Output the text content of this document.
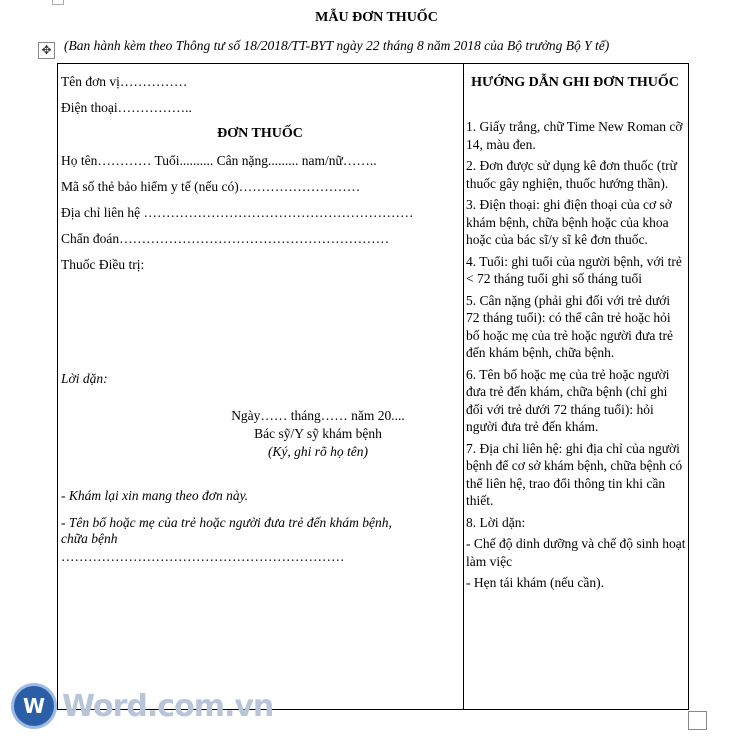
MẪU ĐƠN THUỐC
✥ (Ban hành kèm theo Thông tư số 18/2018/TT-BYT ngày 22 tháng 8 năm 2018 của Bộ trưởng Bộ Y tế)
Tên đơn vị……………
Điện thoại……………..
ĐƠN THUỐC
Họ tên………… Tuổi.......... Cân nặng......... nam/nữ……..
Mã số thẻ bảo hiểm y tế (nếu có)………………………
Địa chỉ liên hệ ……………………………………………………
Chẩn đoán……………………………………………………
Thuốc Điều trị:
Lời dặn:
Ngày…… tháng…… năm 20....
Bác sỹ/Y sỹ khám bệnh
(Ký, ghi rõ họ tên)
- Khám lại xin mang theo đơn này.
- Tên bố hoặc mẹ của trẻ hoặc người đưa trẻ đến khám bệnh,
chữa bệnh
………………………………………………………
HƯỚNG DẪN GHI ĐƠN THUỐC

1. Giấy trắng, chữ Time New Roman cỡ 14, màu đen.

2. Đơn được sử dụng kê đơn thuốc (trừ thuốc gây nghiện, thuốc hướng thần).

3. Điện thoại: ghi điện thoại của cơ sở khám bệnh, chữa bệnh hoặc của khoa hoặc của bác sĩ/y sĩ kê đơn thuốc.

4. Tuổi: ghi tuổi của người bệnh, với trẻ < 72 tháng tuổi ghi số tháng tuổi

5. Cân nặng (phải ghi đối với trẻ dưới 72 tháng tuổi): có thể cân trẻ hoặc hỏi bố hoặc mẹ của trẻ hoặc người đưa trẻ đến khám bệnh, chữa bệnh.

6. Tên bố hoặc mẹ của trẻ hoặc người đưa trẻ đến khám, chữa bệnh (chỉ ghi đối với trẻ dưới 72 tháng tuổi): hỏi người đưa trẻ đến khám.

7. Địa chỉ liên hệ: ghi địa chỉ của người bệnh để cơ sở khám bệnh, chữa bệnh có thể liên hệ, trao đổi thông tin khi cần thiết.

8. Lời dặn:

- Chế độ dinh dưỡng và chế độ sinh hoạt làm việc

- Hẹn tái khám (nếu cần).

W Word.com.vn
